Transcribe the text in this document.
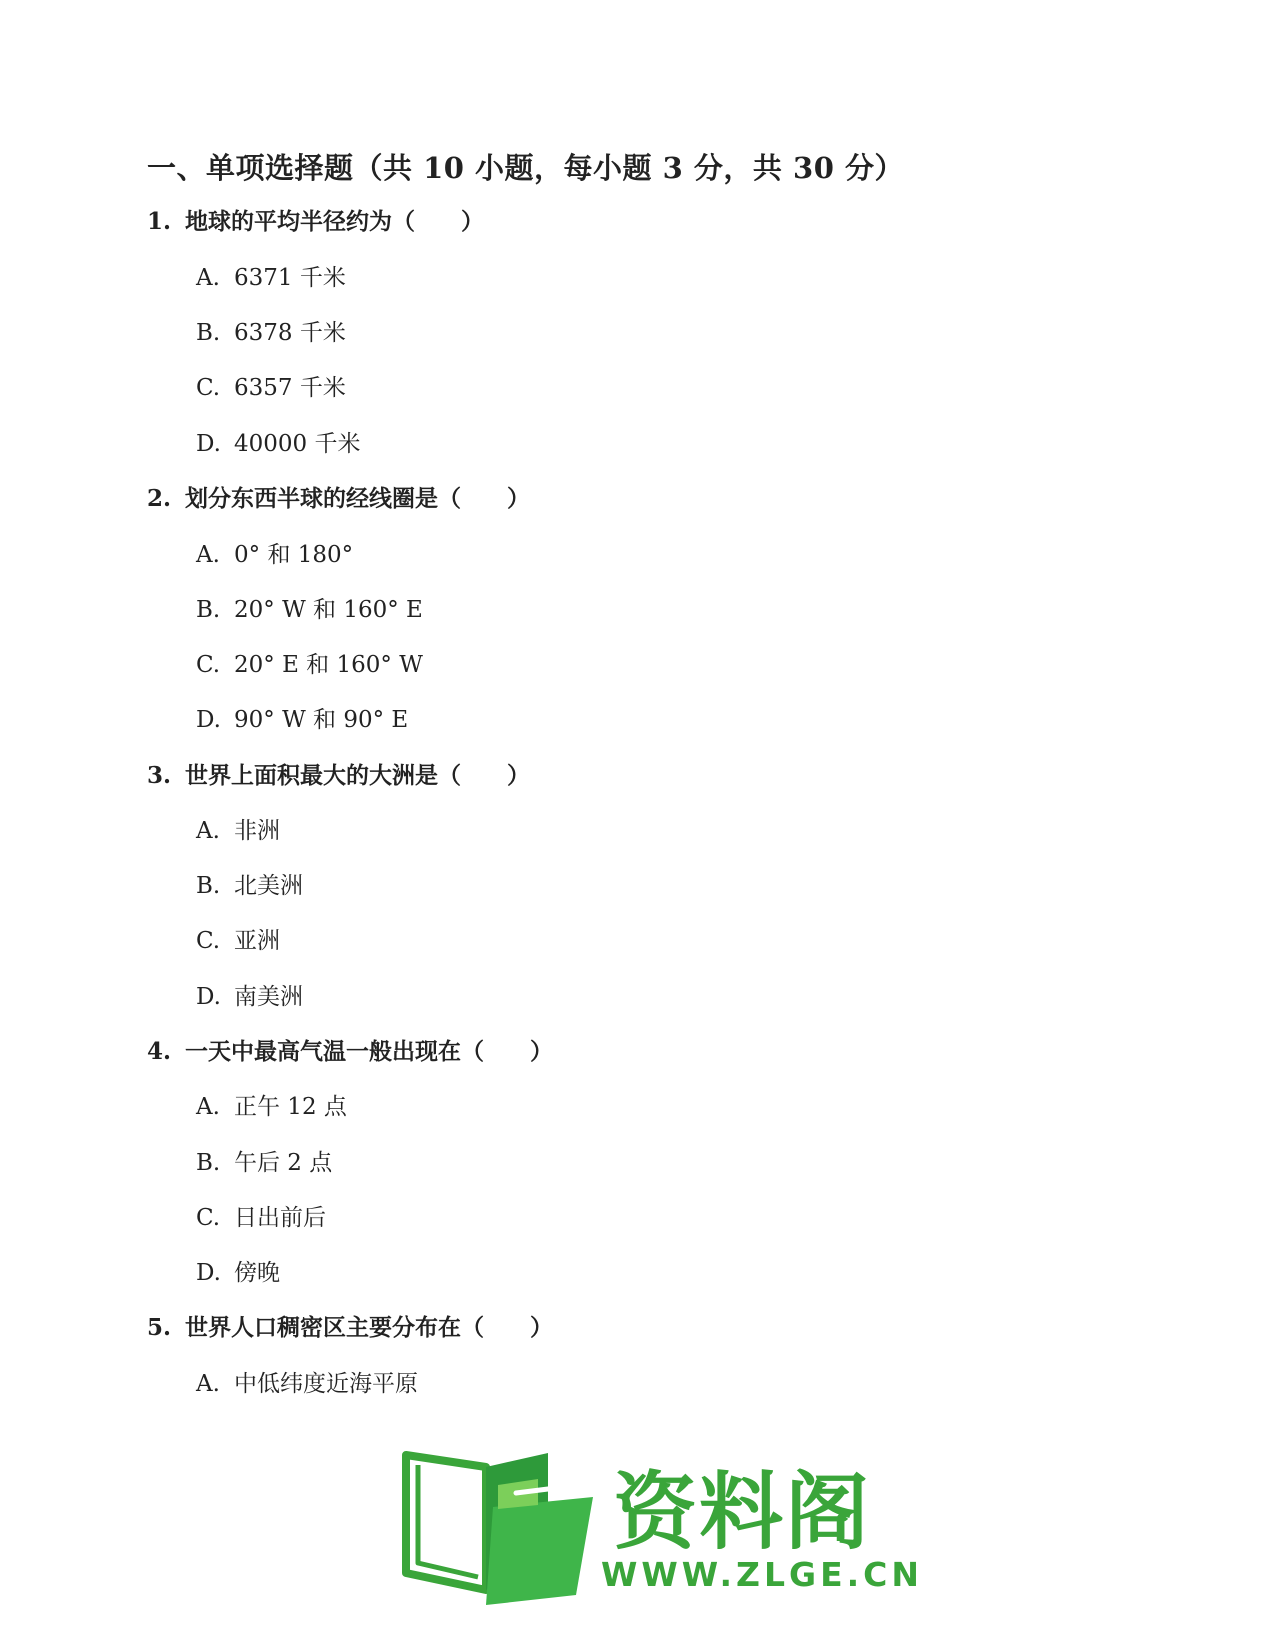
一、单项选择题（共 10 小题，每小题 3 分，共 30 分）
1. 地球的平均半径约为（　　）
A. 6371 千米
B. 6378 千米
C. 6357 千米
D. 40000 千米
2. 划分东西半球的经线圈是（　　）
A. 0° 和 180°
B. 20° W 和 160° E
C. 20° E 和 160° W
D. 90° W 和 90° E
3. 世界上面积最大的大洲是（　　）
A. 非洲
B. 北美洲
C. 亚洲
D. 南美洲
4. 一天中最高气温一般出现在（　　）
A. 正午 12 点
B. 午后 2 点
C. 日出前后
D. 傍晚
5. 世界人口稠密区主要分布在（　　）
A. 中低纬度近海平原
资料阁
WWW.ZLGE.CN
